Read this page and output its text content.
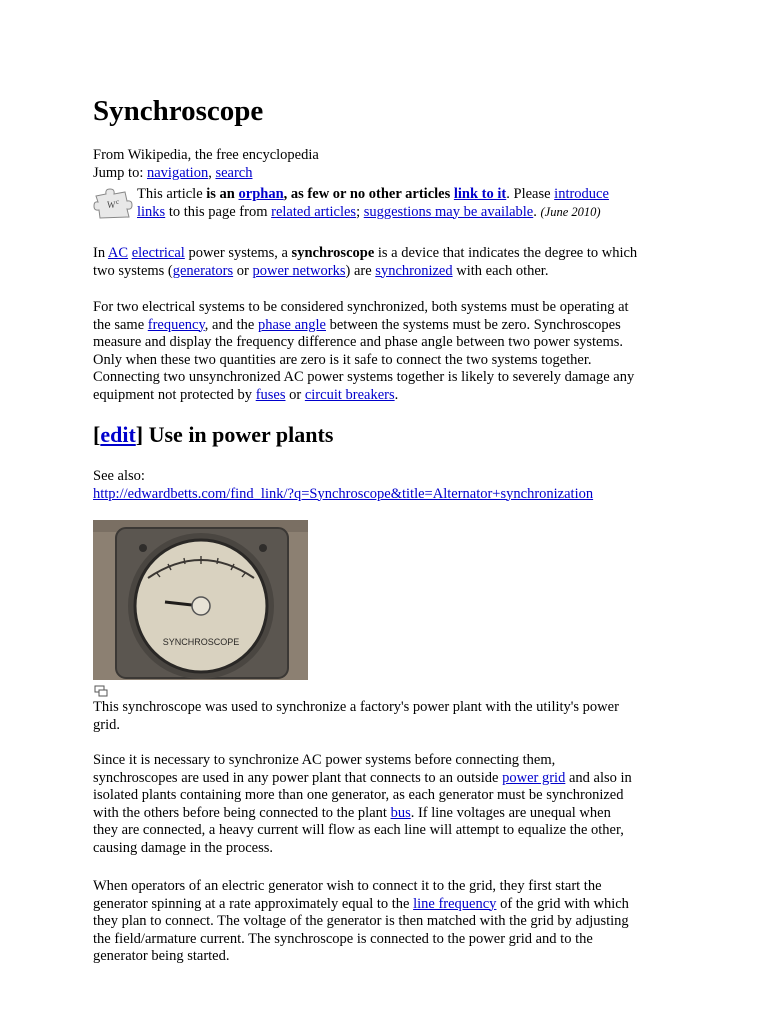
Synchroscope
From Wikipedia, the free encyclopedia
Jump to: navigation, search
W c This article is an orphan, as few or no other articles link to it. Please introduce
links to this page from related articles; suggestions may be available. (June 2010)
In AC electrical power systems, a synchroscope is a device that indicates the degree to which
two systems (generators or power networks) are synchronized with each other.
For two electrical systems to be considered synchronized, both systems must be operating at
the same frequency, and the phase angle between the systems must be zero. Synchroscopes
measure and display the frequency difference and phase angle between two power systems.
Only when these two quantities are zero is it safe to connect the two systems together.
Connecting two unsynchronized AC power systems together is likely to severely damage any
equipment not protected by fuses or circuit breakers.
[edit] Use in power plants
See also:
http://edwardbetts.com/find_link/?q=Synchroscope&title=Alternator+synchronization
SYNCHROSCOPE
This synchroscope was used to synchronize a factory's power plant with the utility's power
grid.
Since it is necessary to synchronize AC power systems before connecting them,
synchroscopes are used in any power plant that connects to an outside power grid and also in
isolated plants containing more than one generator, as each generator must be synchronized
with the others before being connected to the plant bus. If line voltages are unequal when
they are connected, a heavy current will flow as each line will attempt to equalize the other,
causing damage in the process.
When operators of an electric generator wish to connect it to the grid, they first start the
generator spinning at a rate approximately equal to the line frequency of the grid with which
they plan to connect. The voltage of the generator is then matched with the grid by adjusting
the field/armature current. The synchroscope is connected to the power grid and to the
generator being started.
